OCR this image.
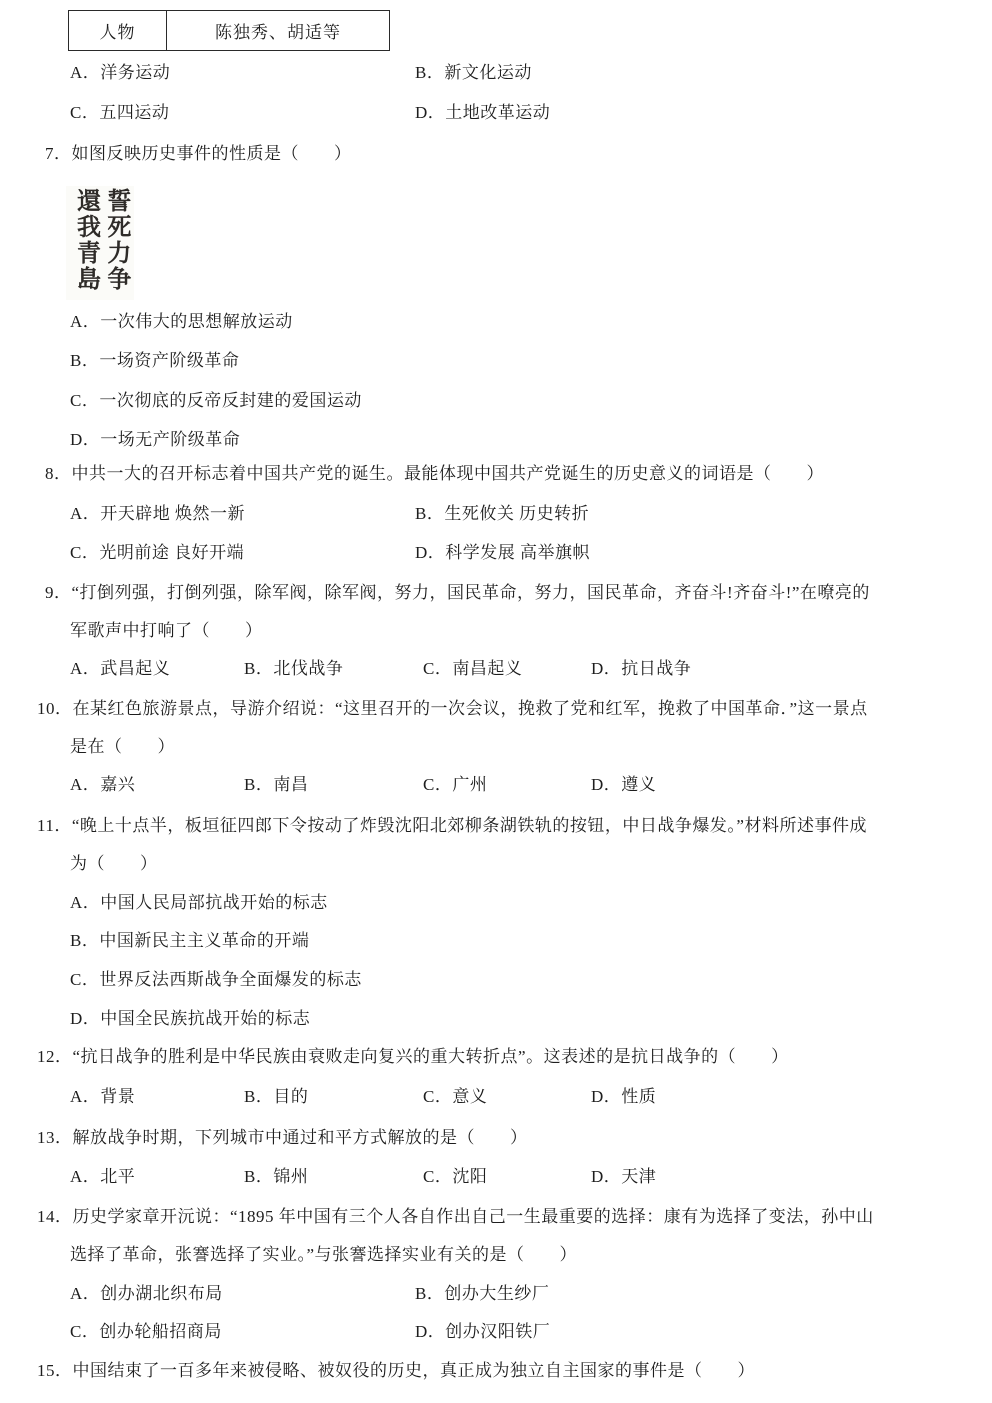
人物	陈独秀、胡适等

A．洋务运动

	B．新文化运动

C．五四运动

	D．土地改革运动

7．如图反映历史事件的性质是（　　）
誓死力争
還我青島

A．一次伟大的思想解放运动

B．一场资产阶级革命

C．一次彻底的反帝反封建的爱国运动

D．一场无产阶级革命

8．中共一大的召开标志着中国共产党的诞生。最能体现中国共产党诞生的历史意义的词语是（　　）

A．开天辟地 焕然一新

	B．生死攸关 历史转折

C．光明前途 良好开端

	D．科学发展 高举旗帜

9．“打倒列强，打倒列强，除军阀，除军阀，努力，国民革命，努力，国民革命，齐奋斗!齐奋斗!”在嘹亮的
军歌声中打响了（　　）

A．武昌起义

	B．北伐战争

	C．南昌起义

	D．抗日战争

10．在某红色旅游景点，导游介绍说：“这里召开的一次会议，挽救了党和红军，挽救了中国革命．”这一景点
是在（　　）

A．嘉兴

	B．南昌

	C．广州

	D．遵义

11．“晚上十点半，板垣征四郎下令按动了炸毁沈阳北郊柳条湖铁轨的按钮，中日战争爆发。”材料所述事件成
为（　　）

A．中国人民局部抗战开始的标志

B．中国新民主主义革命的开端

C．世界反法西斯战争全面爆发的标志

D．中国全民族抗战开始的标志

12．“抗日战争的胜利是中华民族由衰败走向复兴的重大转折点”。这表述的是抗日战争的（　　）

A．背景

	B．目的

	C．意义

	D．性质

13．解放战争时期，下列城市中通过和平方式解放的是（　　）

A．北平

	B．锦州

	C．沈阳

	D．天津

14．历史学家章开沅说：“1895 年中国有三个人各自作出自己一生最重要的选择：康有为选择了变法，孙中山
选择了革命，张謇选择了实业。”与张謇选择实业有关的是（　　）

A．创办湖北织布局

	B．创办大生纱厂

C．创办轮船招商局

	D．创办汉阳铁厂

15．中国结束了一百多年来被侵略、被奴役的历史，真正成为独立自主国家的事件是（　　）
